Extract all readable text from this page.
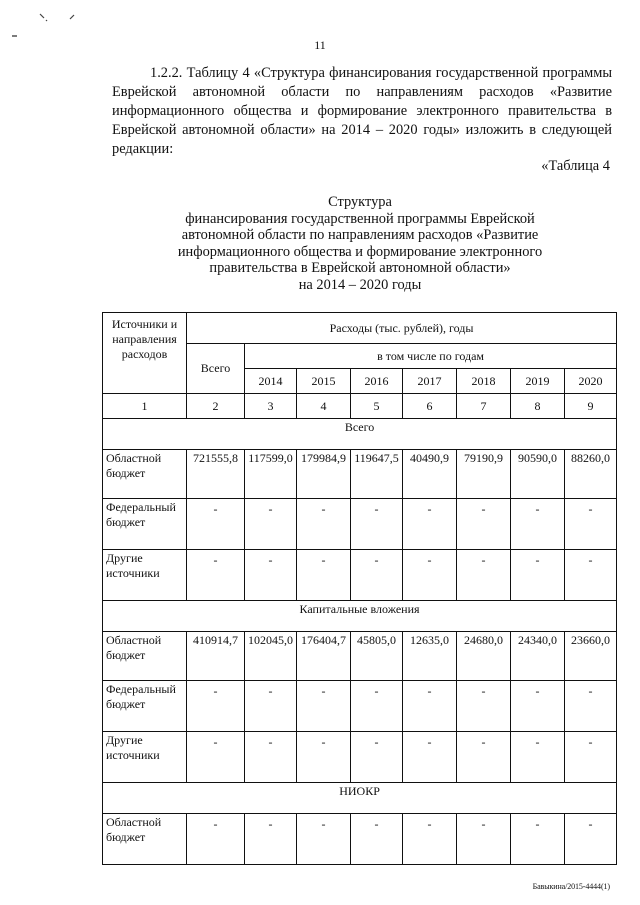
11

1.2.2. Таблицу 4 «Структура финансирования государственной программы Еврейской автономной области по направлениям расходов «Развитие информационного общества и формирование электронного правительства в Еврейской автономной области» на 2014 – 2020 годы» изложить в следующей редакции:

«Таблица 4
Структура
финансирования государственной программы Еврейской
автономной области по направлениям расходов «Развитие
информационного общества и формирование электронного
правительства в Еврейской автономной области»
на 2014 – 2020 годы
Источники и направления расходов	Расходы (тыс. рублей), годы							
	Всего	в том числе по годам						
		2014	2015	2016	2017	2018	2019	2020
1	2	3	4	5	6	7	8	9
Всего								
Областной бюджет	721555,8	117599,0	179984,9	119647,5	40490,9	79190,9	90590,0	88260,0
Федеральный бюджет	-	-	-	-	-	-	-	-
Другие источники	-	-	-	-	-	-	-	-
Капитальные вложения								
Областной бюджет	410914,7	102045,0	176404,7	45805,0	12635,0	24680,0	24340,0	23660,0
Федеральный бюджет	-	-	-	-	-	-	-	-
Другие источники	-	-	-	-	-	-	-	-
НИОКР								
Областной бюджет	-	-	-	-	-	-	-	-
Бавыкина/2015-4444(1)
